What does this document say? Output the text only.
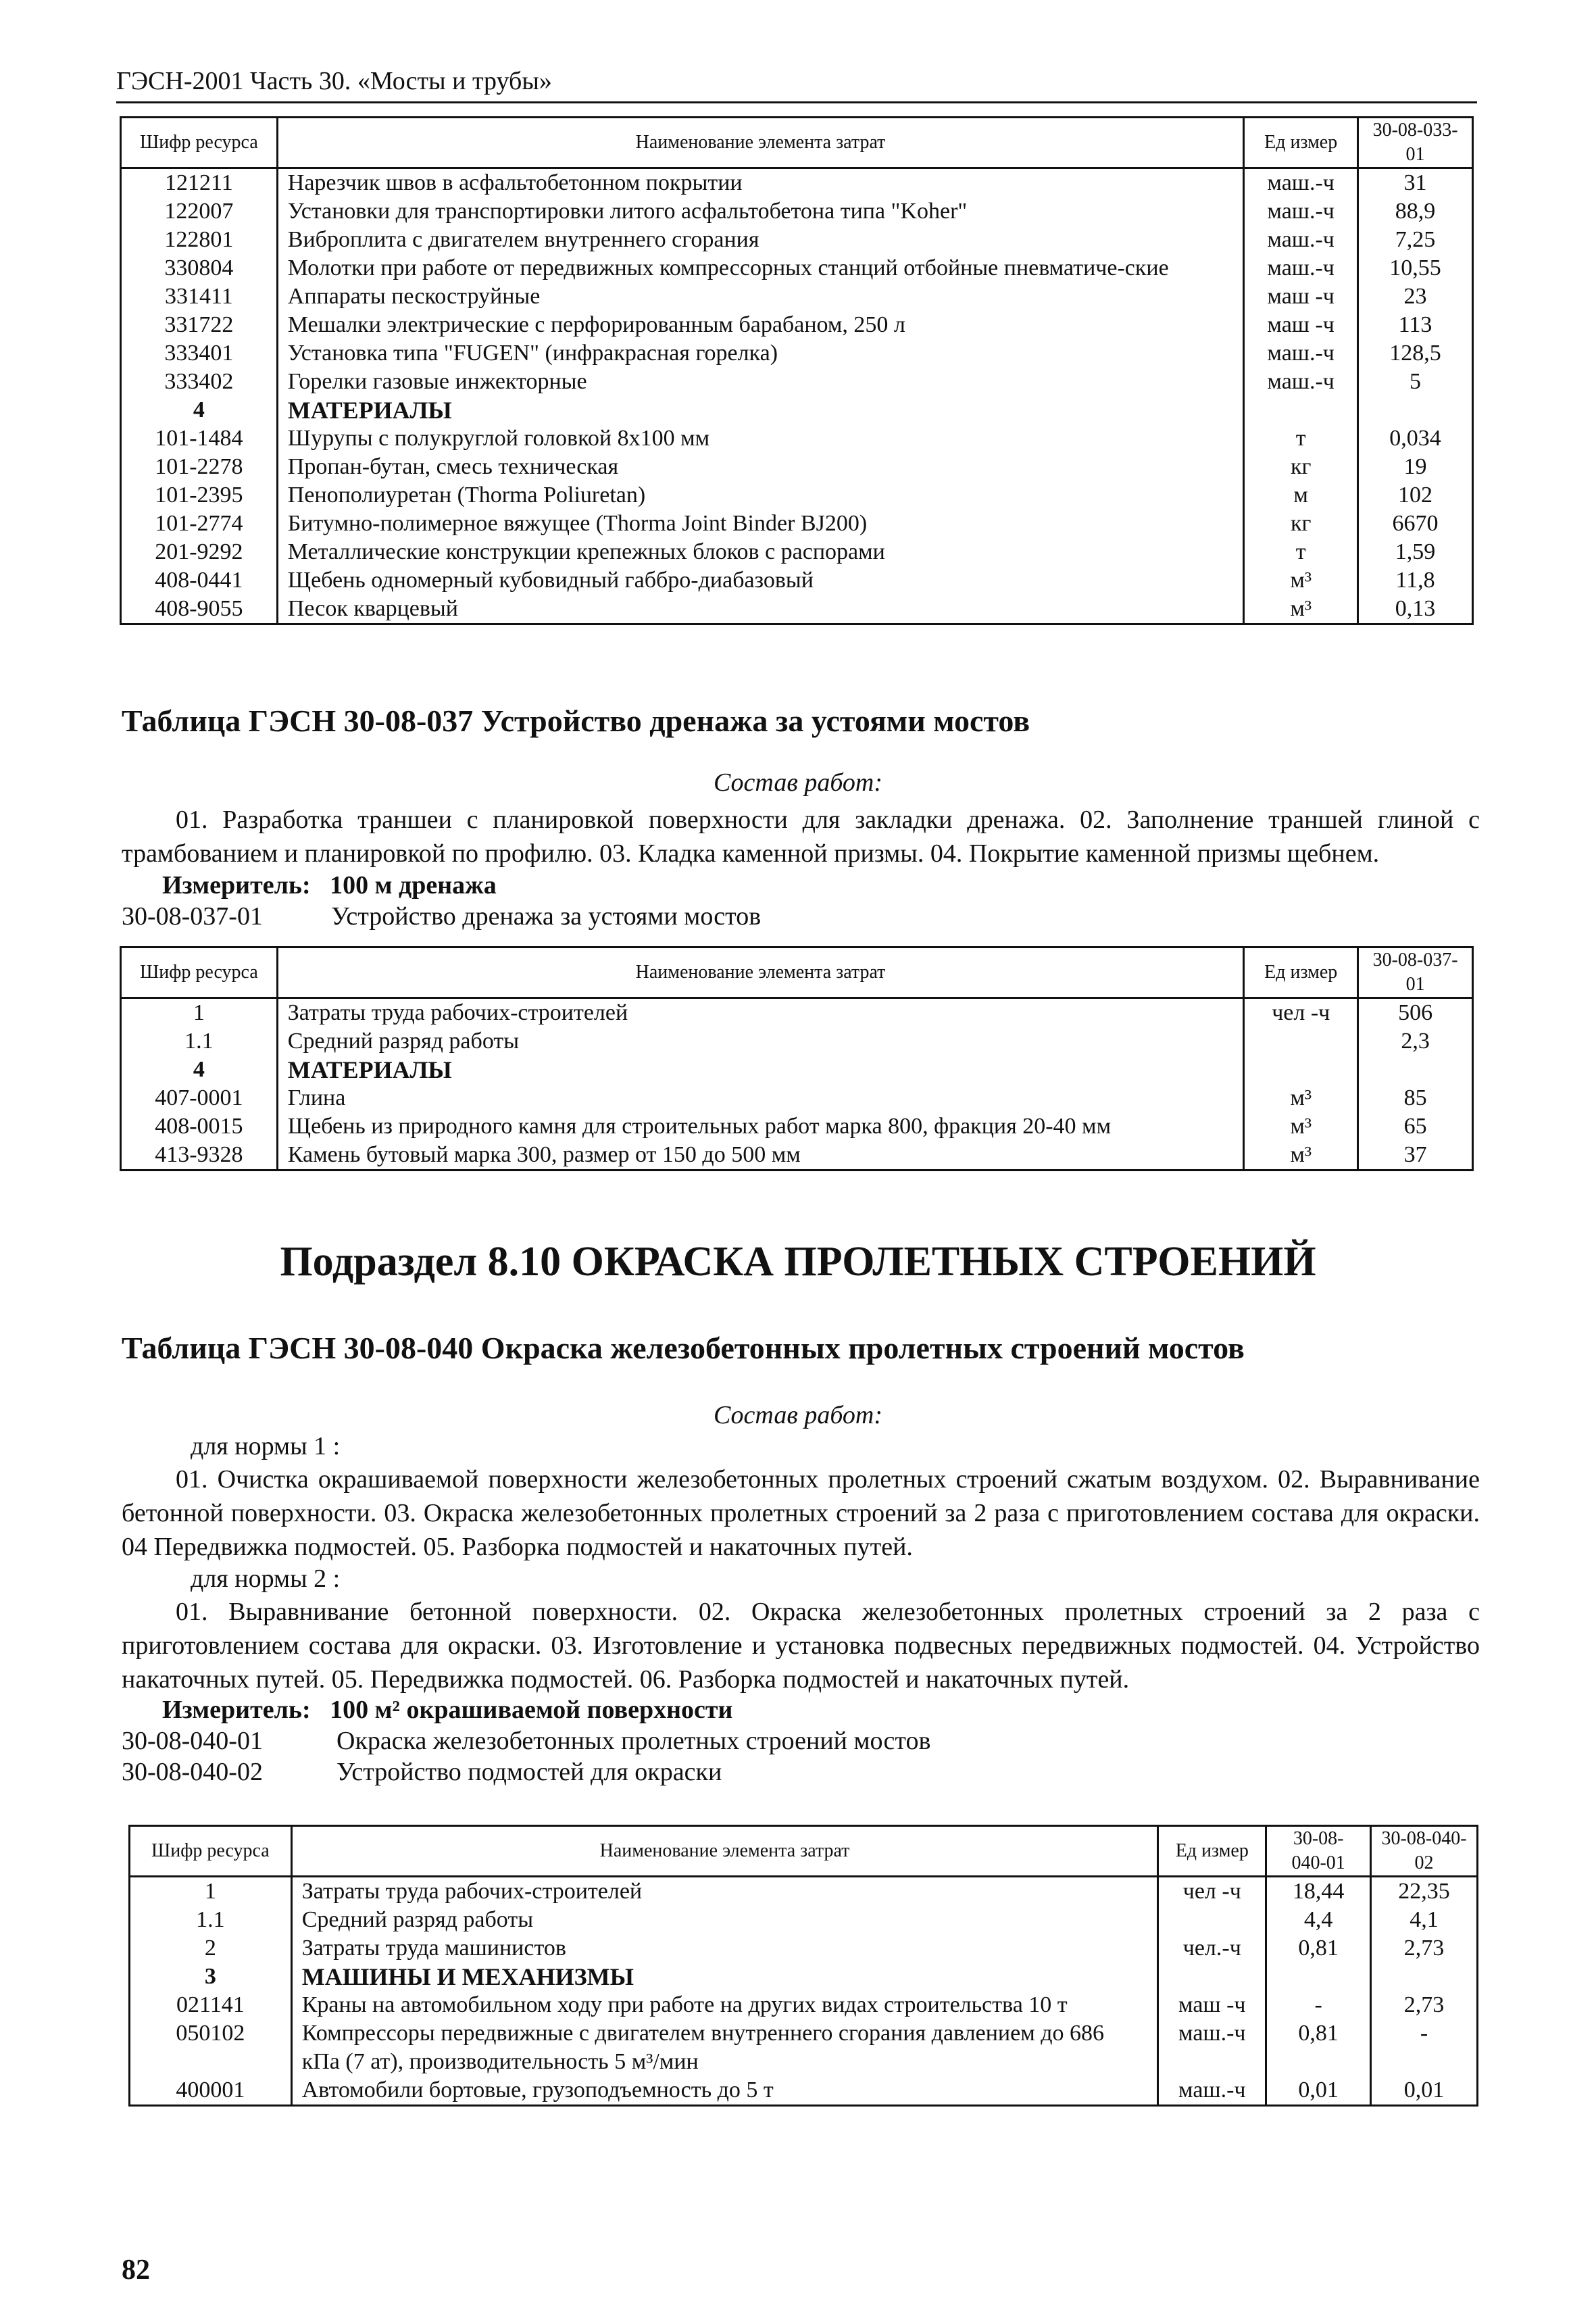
ГЭСН-2001 Часть 30. «Мосты и трубы»
Шифр ресурса	Наименование элемента затрат	Ед измер	30-08-033-01
121211	Нарезчик швов в асфальтобетонном покрытии	маш.-ч	31
122007	Установки для транспортировки литого асфальтобетона типа "Koher"	маш.-ч	88,9
122801	Виброплита с двигателем внутреннего сгорания	маш.-ч	7,25
330804	Молотки при работе от передвижных компрессорных станций отбойные пневматиче-ские	маш.-ч	10,55
331411	Аппараты пескоструйные	маш -ч	23
331722	Мешалки электрические с перфорированным барабаном, 250 л	маш -ч	113
333401	Установка типа "FUGEN" (инфракрасная горелка)	маш.-ч	128,5
333402	Горелки газовые инжекторные	маш.-ч	5
4	МАТЕРИАЛЫ		
101-1484	Шурупы с полукруглой головкой 8x100 мм	т	0,034
101-2278	Пропан-бутан, смесь техническая	кг	19
101-2395	Пенополиуретан (Thorma Poliuretan)	м	102
101-2774	Битумно-полимерное вяжущее (Thorma Joint Binder BJ200)	кг	6670
201-9292	Металлические конструкции крепежных блоков с распорами	т	1,59
408-0441	Щебень одномерный кубовидный габбро-диабазовый	м³	11,8
408-9055	Песок кварцевый	м³	0,13
Таблица ГЭСН 30-08-037 Устройство дренажа за устоями мостов
Состав работ:
01. Разработка траншеи с планировкой поверхности для закладки дренажа. 02. Заполнение траншей глиной с трамбованием и планировкой по профилю. 03. Кладка каменной призмы. 04. Покрытие каменной призмы щебнем.
Измеритель: 100 м дренажа
30-08-037-01	Устройство дренажа за устоями мостов
Шифр ресурса	Наименование элемента затрат	Ед измер	30-08-037-01
1	Затраты труда рабочих-строителей	чел -ч	506
1.1	Средний разряд работы		2,3
4	МАТЕРИАЛЫ		
407-0001	Глина	м³	85
408-0015	Щебень из природного камня для строительных работ марка 800, фракция 20-40 мм	м³	65
413-9328	Камень бутовый марка 300, размер от 150 до 500 мм	м³	37
Подраздел 8.10 ОКРАСКА ПРОЛЕТНЫХ СТРОЕНИЙ
Таблица ГЭСН 30-08-040 Окраска железобетонных пролетных строений мостов
Состав работ:
для нормы 1 :
01. Очистка окрашиваемой поверхности железобетонных пролетных строений сжатым воздухом. 02. Выравнивание бетонной поверхности. 03. Окраска железобетонных пролетных строений за 2 раза с приготовлением состава для окраски. 04 Передвижка подмостей. 05. Разборка подмостей и накаточных путей.
для нормы 2 :
01. Выравнивание бетонной поверхности. 02. Окраска железобетонных пролетных строений за 2 раза с приготовлением состава для окраски. 03. Изготовление и установка подвесных передвижных подмостей. 04. Устройство накаточных путей. 05. Передвижка подмостей. 06. Разборка подмостей и накаточных путей.
Измеритель: 100 м² окрашиваемой поверхности
30-08-040-01	Окраска железобетонных пролетных строений мостов
30-08-040-02	Устройство подмостей для окраски
Шифр ресурса	Наименование элемента затрат	Ед измер	30-08-040-01	30-08-040-02
1	Затраты труда рабочих-строителей	чел -ч	18,44	22,35
1.1	Средний разряд работы		4,4	4,1
2	Затраты труда машинистов	чел.-ч	0,81	2,73
3	МАШИНЫ И МЕХАНИЗМЫ			
021141	Краны на автомобильном ходу при работе на других видах строительства 10 т	маш -ч	-	2,73
050102	Компрессоры передвижные с двигателем внутреннего сгорания давлением до 686 кПа (7 ат), производительность 5 м³/мин	маш.-ч	0,81	-
400001	Автомобили бортовые, грузоподъемность до 5 т	маш.-ч	0,01	0,01
82
